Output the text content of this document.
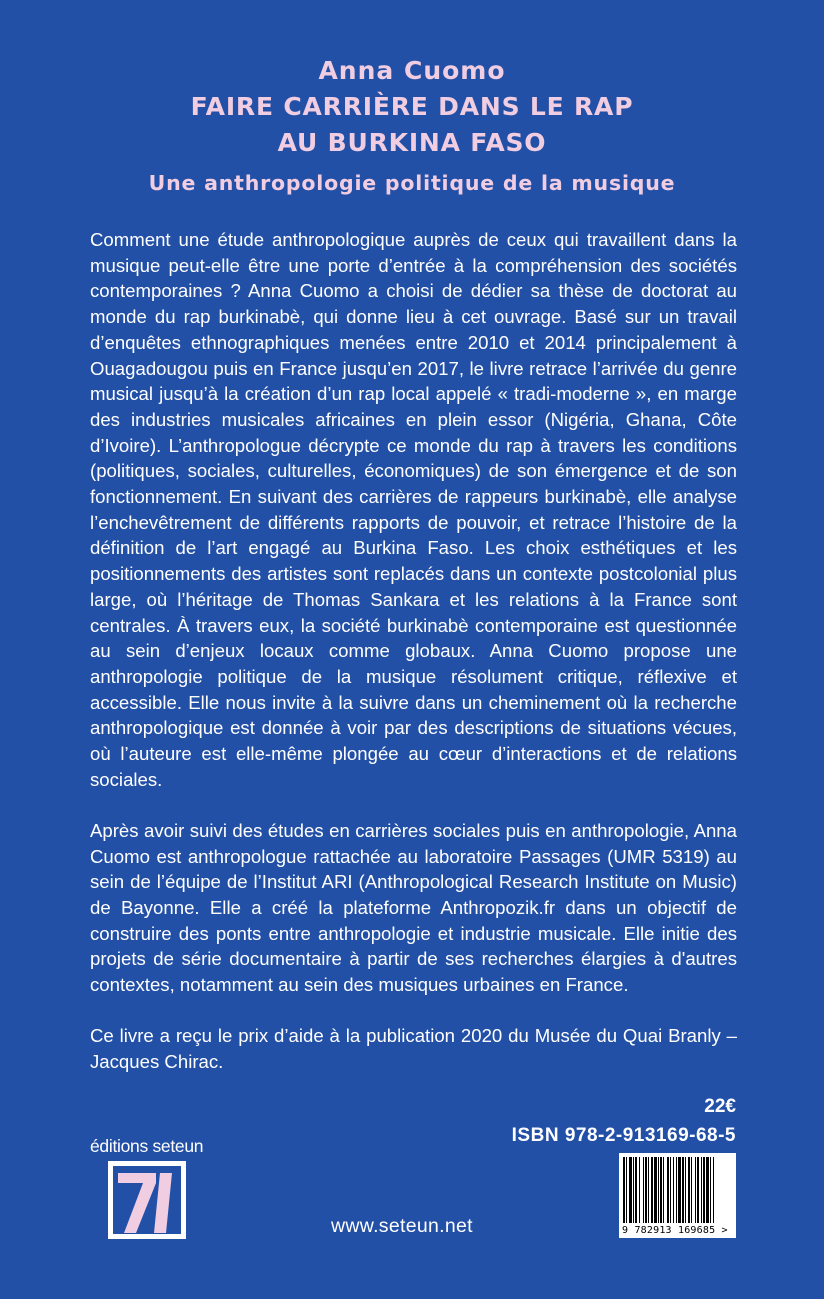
Anna Cuomo
FAIRE CARRIÈRE DANS LE RAP
AU BURKINA FASO
Une anthropologie politique de la musique

Comment une étude anthropologique auprès de ceux qui travaillent dans la musique peut-elle être une porte d’entrée à la compréhension des sociétés contemporaines ? Anna Cuomo a choisi de dédier sa thèse de doctorat au monde du rap burkinabè, qui donne lieu à cet ouvrage. Basé sur un travail d’enquêtes ethnographiques menées entre 2010 et 2014 principalement à Ouagadougou puis en France jusqu’en 2017, le livre retrace l’arrivée du genre musical jusqu’à la création d’un rap local appelé « tradi-moderne », en marge des industries musicales africaines en plein essor (Nigéria, Ghana, Côte d’Ivoire). L’anthropologue décrypte ce monde du rap à travers les conditions (politiques, sociales, culturelles, économiques) de son émergence et de son fonctionnement. En suivant des carrières de rappeurs burkinabè, elle analyse l’enchevêtrement de différents rapports de pouvoir, et retrace l’histoire de la définition de l’art engagé au Burkina Faso. Les choix esthétiques et les positionnements des artistes sont replacés dans un contexte postcolonial plus large, où l’héritage de Thomas Sankara et les relations à la France sont centrales. À travers eux, la société burkinabè contemporaine est questionnée au sein d’enjeux locaux comme globaux. Anna Cuomo propose une anthropologie politique de la musique résolument critique, réflexive et accessible. Elle nous invite à la suivre dans un cheminement où la recherche anthropologique est donnée à voir par des descriptions de situations vécues, où l’auteure est elle-même plongée au cœur d’interactions et de relations sociales.

Après avoir suivi des études en carrières sociales puis en anthropologie, Anna Cuomo est anthropologue rattachée au laboratoire Passages (UMR 5319) au sein de l’équipe de l’Institut ARI (Anthropological Research Institute on Music) de Bayonne. Elle a créé la plateforme Anthropozik.fr dans un objectif de construire des ponts entre anthropologie et industrie musicale. Elle initie des projets de série documentaire à partir de ses recherches élargies à d'autres contextes, notamment au sein des musiques urbaines en France.

Ce livre a reçu le prix d’aide à la publication 2020 du Musée du Quai Branly – Jacques Chirac.

22€
ISBN 978-2-913169-68-5
éditions seteun
www.seteun.net	9 782913 169685 >
